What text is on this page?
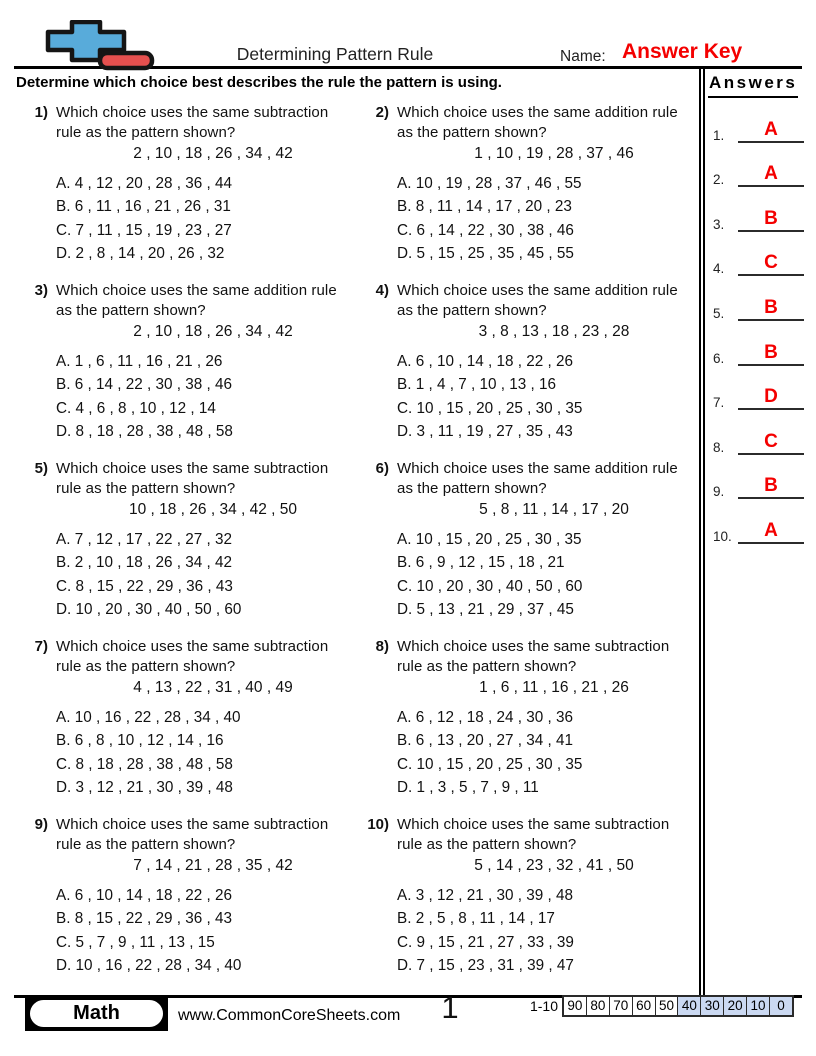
Determining Pattern Rule	Name: Answer Key
Determine which choice best describes the rule the pattern is using.
1) Which choice uses the same subtraction rule as the pattern shown?
2 , 10 , 18 , 26 , 34 , 42
A. 4 , 12 , 20 , 28 , 36 , 44
B. 6 , 11 , 16 , 21 , 26 , 31
C. 7 , 11 , 15 , 19 , 23 , 27
D. 2 , 8 , 14 , 20 , 26 , 32
2) Which choice uses the same addition rule as the pattern shown?
1 , 10 , 19 , 28 , 37 , 46
A. 10 , 19 , 28 , 37 , 46 , 55
B. 8 , 11 , 14 , 17 , 20 , 23
C. 6 , 14 , 22 , 30 , 38 , 46
D. 5 , 15 , 25 , 35 , 45 , 55
3) Which choice uses the same addition rule as the pattern shown?
2 , 10 , 18 , 26 , 34 , 42
A. 1 , 6 , 11 , 16 , 21 , 26
B. 6 , 14 , 22 , 30 , 38 , 46
C. 4 , 6 , 8 , 10 , 12 , 14
D. 8 , 18 , 28 , 38 , 48 , 58
4) Which choice uses the same addition rule as the pattern shown?
3 , 8 , 13 , 18 , 23 , 28
A. 6 , 10 , 14 , 18 , 22 , 26
B. 1 , 4 , 7 , 10 , 13 , 16
C. 10 , 15 , 20 , 25 , 30 , 35
D. 3 , 11 , 19 , 27 , 35 , 43
5) Which choice uses the same subtraction rule as the pattern shown?
10 , 18 , 26 , 34 , 42 , 50
A. 7 , 12 , 17 , 22 , 27 , 32
B. 2 , 10 , 18 , 26 , 34 , 42
C. 8 , 15 , 22 , 29 , 36 , 43
D. 10 , 20 , 30 , 40 , 50 , 60
6) Which choice uses the same addition rule as the pattern shown?
5 , 8 , 11 , 14 , 17 , 20
A. 10 , 15 , 20 , 25 , 30 , 35
B. 6 , 9 , 12 , 15 , 18 , 21
C. 10 , 20 , 30 , 40 , 50 , 60
D. 5 , 13 , 21 , 29 , 37 , 45
7) Which choice uses the same subtraction rule as the pattern shown?
4 , 13 , 22 , 31 , 40 , 49
A. 10 , 16 , 22 , 28 , 34 , 40
B. 6 , 8 , 10 , 12 , 14 , 16
C. 8 , 18 , 28 , 38 , 48 , 58
D. 3 , 12 , 21 , 30 , 39 , 48
8) Which choice uses the same subtraction rule as the pattern shown?
1 , 6 , 11 , 16 , 21 , 26
A. 6 , 12 , 18 , 24 , 30 , 36
B. 6 , 13 , 20 , 27 , 34 , 41
C. 10 , 15 , 20 , 25 , 30 , 35
D. 1 , 3 , 5 , 7 , 9 , 11
9) Which choice uses the same subtraction rule as the pattern shown?
7 , 14 , 21 , 28 , 35 , 42
A. 6 , 10 , 14 , 18 , 22 , 26
B. 8 , 15 , 22 , 29 , 36 , 43
C. 5 , 7 , 9 , 11 , 13 , 15
D. 10 , 16 , 22 , 28 , 34 , 40
10) Which choice uses the same subtraction rule as the pattern shown?
5 , 14 , 23 , 32 , 41 , 50
A. 3 , 12 , 21 , 30 , 39 , 48
B. 2 , 5 , 8 , 11 , 14 , 17
C. 9 , 15 , 21 , 27 , 33 , 39
D. 7 , 15 , 23 , 31 , 39 , 47
Answers
1.	A
2.	A
3.	B
4.	C
5.	B
6.	B
7.	D
8.	C
9.	B
10.	A
Math	www.CommonCoreSheets.com	1	1-10 90 80 70 60 50 40 30 20 10 0
